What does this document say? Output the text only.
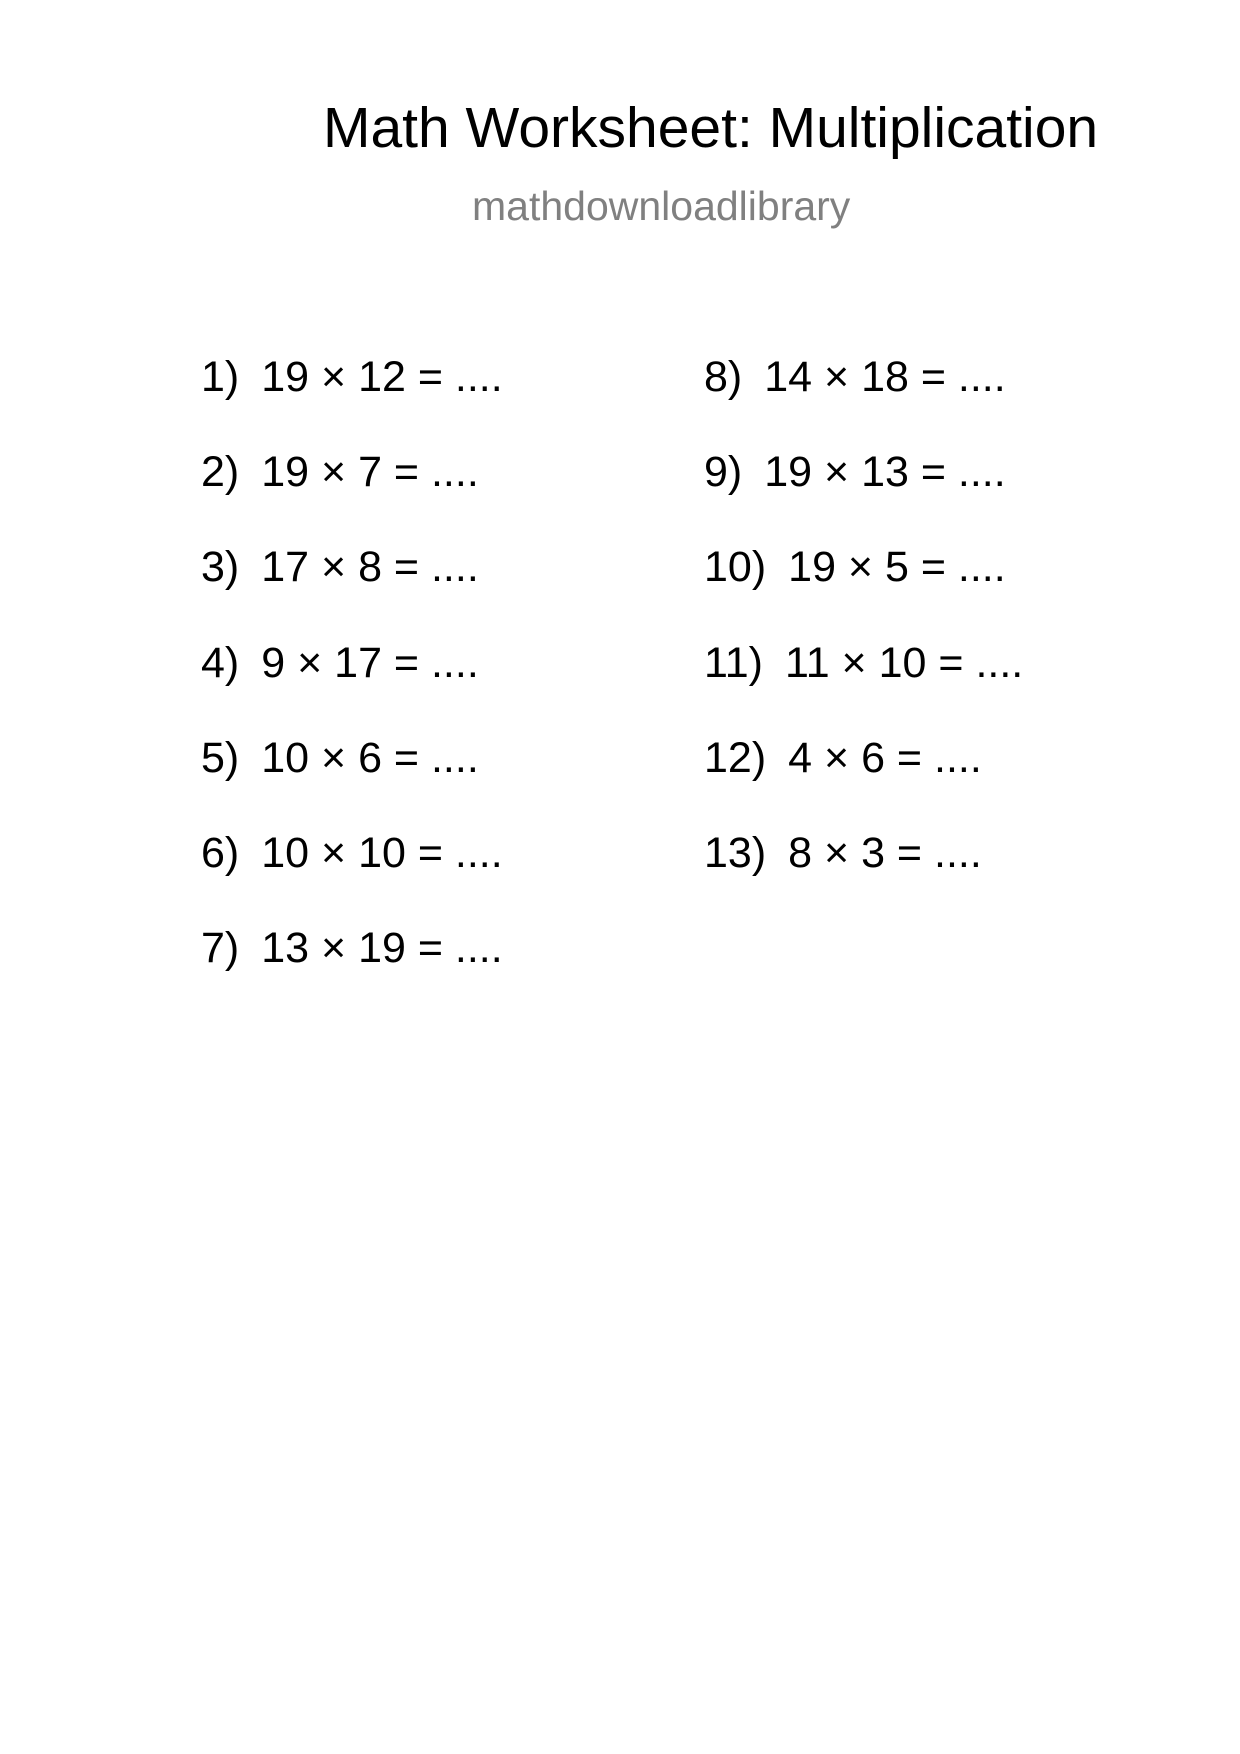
Math Worksheet: Multiplication
mathdownloadlibrary
1) 19 × 12 = ....
2) 19 × 7 = ....
3) 17 × 8 = ....
4) 9 × 17 = ....
5) 10 × 6 = ....
6) 10 × 10 = ....
7) 13 × 19 = ....
8) 14 × 18 = ....
9) 19 × 13 = ....
10) 19 × 5 = ....
11) 11 × 10 = ....
12) 4 × 6 = ....
13) 8 × 3 = ....
